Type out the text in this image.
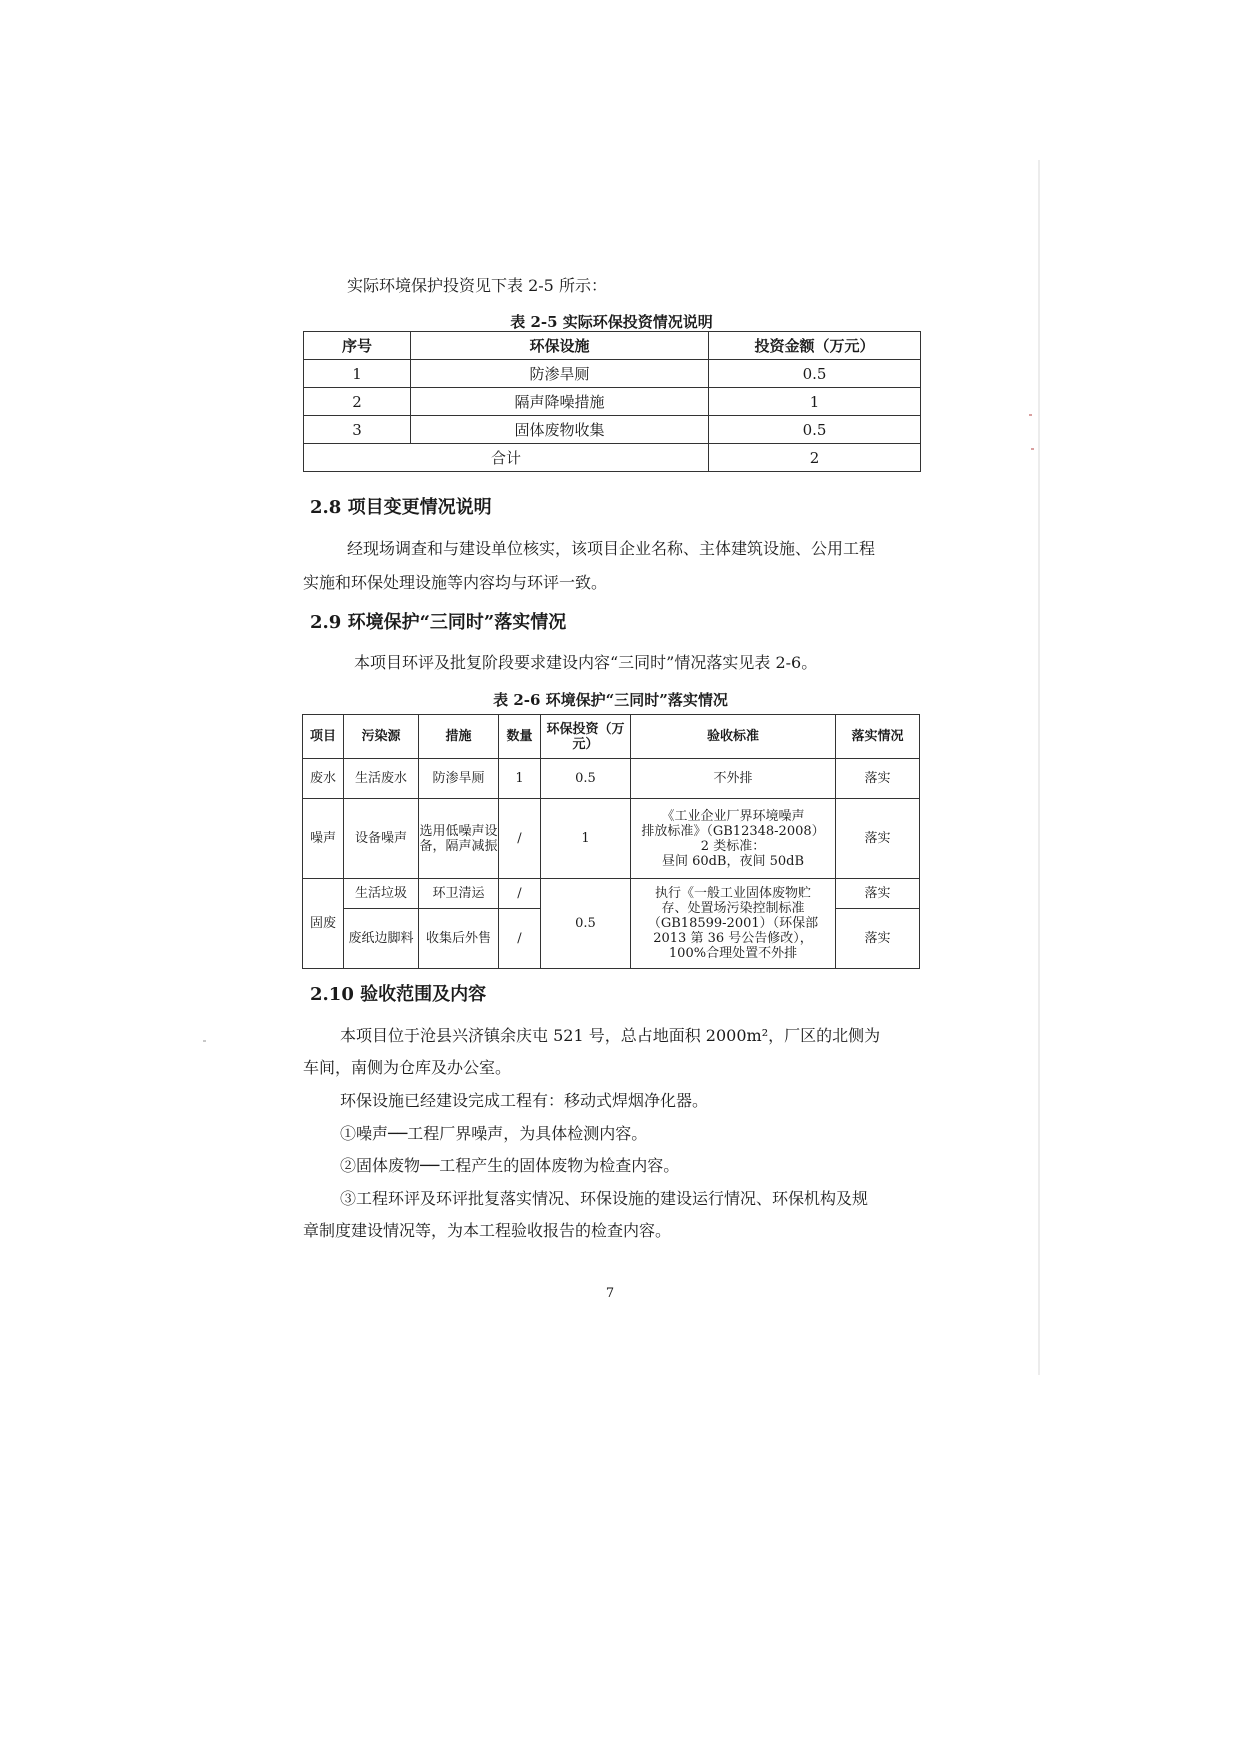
实际环境保护投资见下表 2-5 所示：

表 2-5 实际环保投资情况说明

序号	环保设施	投资金额（万元）
1	防渗旱厕	0.5
2	隔声降噪措施	1
3	固体废物收集	0.5
合计		2
2.8 项目变更情况说明

经现场调查和与建设单位核实，该项目企业名称、主体建筑设施、公用工程

实施和环保处理设施等内容均与环评一致。

2.9 环境保护“三同时”落实情况

本项目环评及批复阶段要求建设内容“三同时”情况落实见表 2-6。

表 2-6 环境保护“三同时”落实情况

项目	污染源	措施	数量	环保投资（万元）	验收标准	落实情况
废水	生活废水	防渗旱厕	1	0.5	不外排	落实
噪声	设备噪声	选用低噪声设备，隔声减振	/	1	《工业企业厂界环境噪声
排放标准》（GB12348-2008）
2 类标准：
昼间 60dB，夜间 50dB	落实
固废	生活垃圾	环卫清运	/	0.5	执行《一般工业固体废物贮
存、处置场污染控制标准
（GB18599-2001）（环保部
2013 第 36 号公告修改），
100%合理处置不外排	落实
	废纸边脚料	收集后外售	/			落实
2.10 验收范围及内容

本项目位于沧县兴济镇余庆屯 521 号，总占地面积 2000m²，厂区的北侧为

车间，南侧为仓库及办公室。

环保设施已经建设完成工程有：移动式焊烟净化器。

①噪声──工程厂界噪声，为具体检测内容。

②固体废物──工程产生的固体废物为检查内容。

③工程环评及环评批复落实情况、环保设施的建设运行情况、环保机构及规

章制度建设情况等，为本工程验收报告的检查内容。

7
